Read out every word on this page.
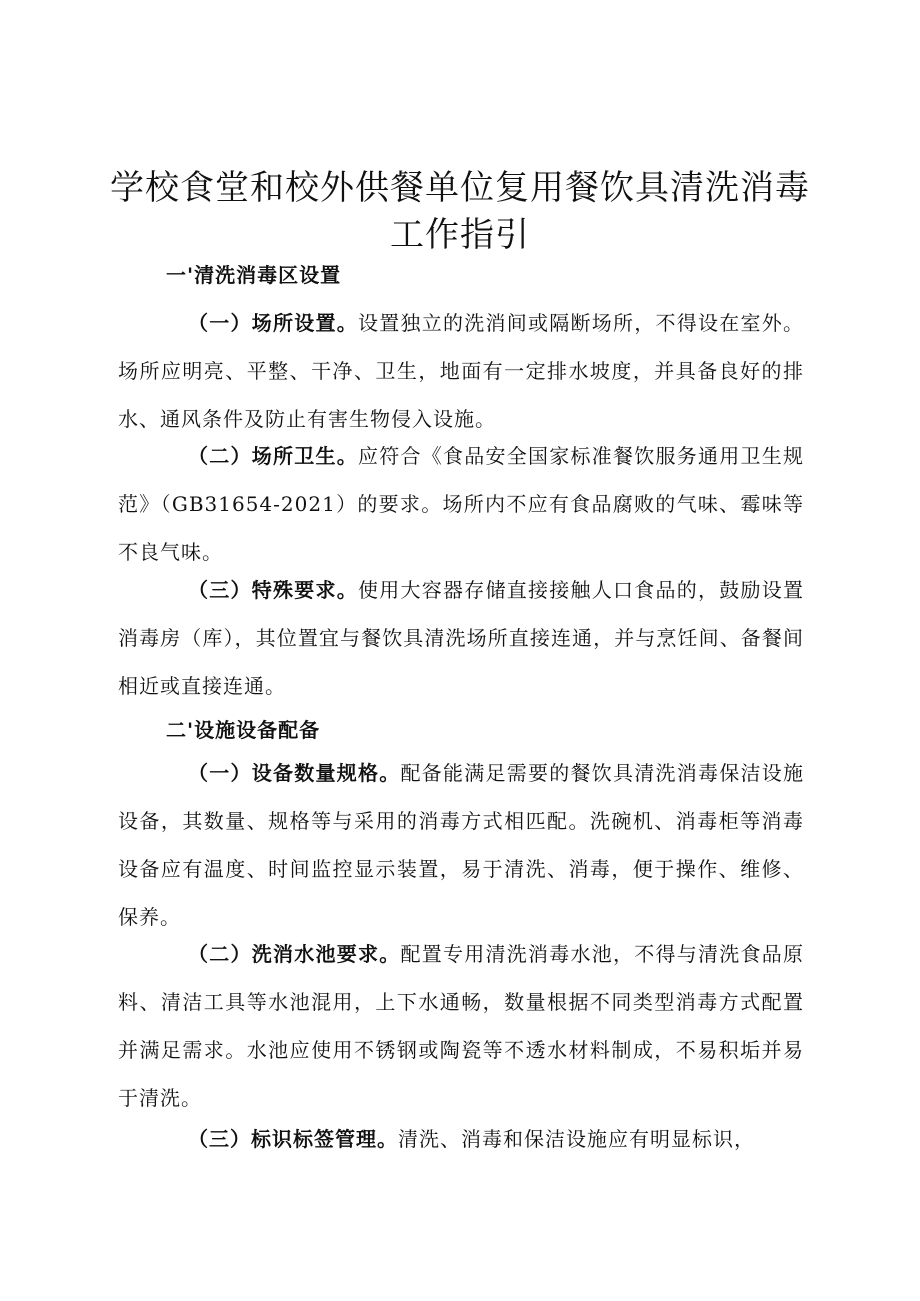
学校食堂和校外供餐单位复用餐饮具清洗消毒
工作指引
一'清洗消毒区设置
（一）场所设置。设置独立的洗消间或隔断场所，不得设在室外。场所应明亮、平整、干净、卫生，地面有一定排水坡度，并具备良好的排水、通风条件及防止有害生物侵入设施。
（二）场所卫生。应符合《食品安全国家标准餐饮服务通用卫生规范》（GB31654-2021）的要求。场所内不应有食品腐败的气味、霉味等不良气味。
（三）特殊要求。使用大容器存储直接接触人口食品的，鼓励设置消毒房（库），其位置宜与餐饮具清洗场所直接连通，并与烹饪间、备餐间相近或直接连通。
二'设施设备配备
（一）设备数量规格。配备能满足需要的餐饮具清洗消毒保洁设施设备，其数量、规格等与采用的消毒方式相匹配。洗碗机、消毒柜等消毒设备应有温度、时间监控显示装置，易于清洗、消毒，便于操作、维修、保养。
（二）洗消水池要求。配置专用清洗消毒水池，不得与清洗食品原料、清洁工具等水池混用，上下水通畅，数量根据不同类型消毒方式配置并满足需求。水池应使用不锈钢或陶瓷等不透水材料制成，不易积垢并易于清洗。
（三）标识标签管理。清洗、消毒和保洁设施应有明显标识，
